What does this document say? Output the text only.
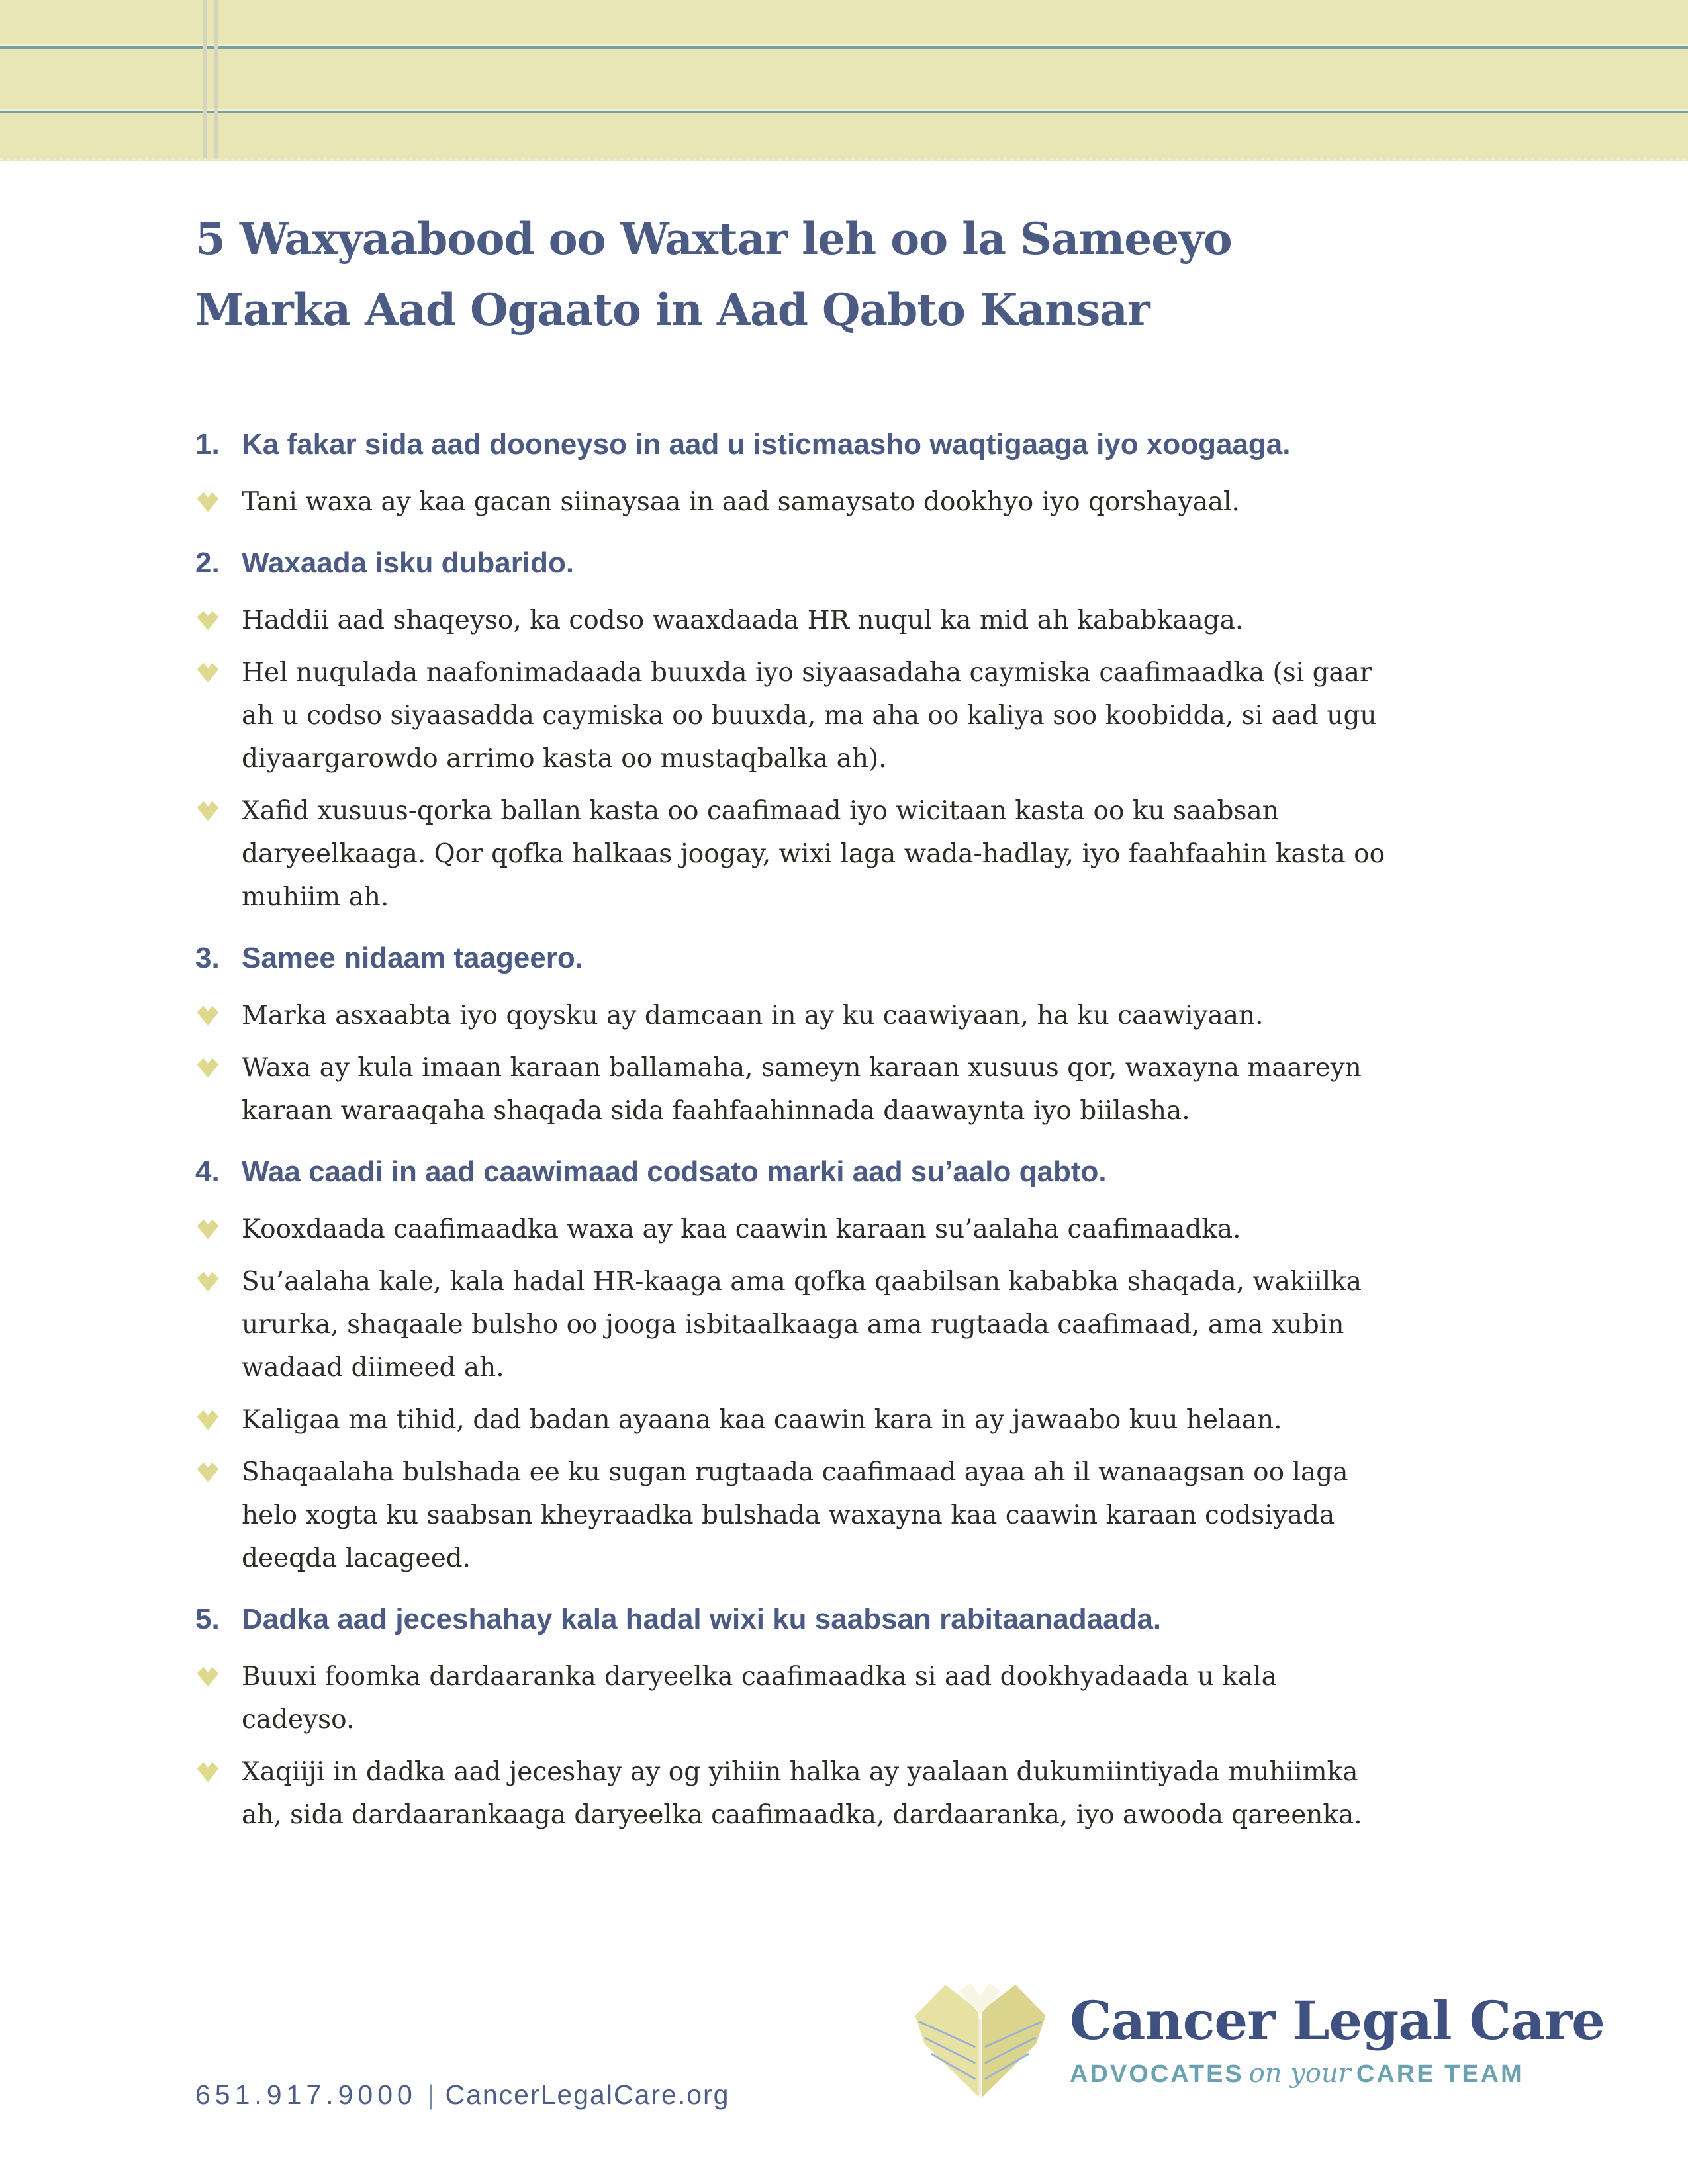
5 Waxyaabood oo Waxtar leh oo la Sameeyo
Marka Aad Ogaato in Aad Qabto Kansar
1. Ka fakar sida aad dooneyso in aad u isticmaasho waqtigaaga iyo xoogaaga.

Tani waxa ay kaa gacan siinaysaa in aad samaysato dookhyo iyo qorshayaal.

2. Waxaada isku dubarido.

Haddii aad shaqeyso, ka codso waaxdaada HR nuqul ka mid ah kababkaaga.

Hel nuqulada naafonimadaada buuxda iyo siyaasadaha caymiska caafimaadka (si gaar ah u codso siyaasadda caymiska oo buuxda, ma aha oo kaliya soo koobidda, si aad ugu diyaargarowdo arrimo kasta oo mustaqbalka ah).

Xafid xusuus-qorka ballan kasta oo caafimaad iyo wicitaan kasta oo ku saabsan daryeelkaaga. Qor qofka halkaas joogay, wixi laga wada-hadlay, iyo faahfaahin kasta oo muhiim ah.

3. Samee nidaam taageero.

Marka asxaabta iyo qoysku ay damcaan in ay ku caawiyaan, ha ku caawiyaan.

Waxa ay kula imaan karaan ballamaha, sameyn karaan xusuus qor, waxayna maareyn karaan waraaqaha shaqada sida faahfaahinnada daawaynta iyo biilasha.

4. Waa caadi in aad caawimaad codsato marki aad su’aalo qabto.

Kooxdaada caafimaadka waxa ay kaa caawin karaan su’aalaha caafimaadka.

Su’aalaha kale, kala hadal HR-kaaga ama qofka qaabilsan kababka shaqada, wakiilka ururka, shaqaale bulsho oo jooga isbitaalkaaga ama rugtaada caafimaad, ama xubin wadaad diimeed ah.

Kaligaa ma tihid, dad badan ayaana kaa caawin kara in ay jawaabo kuu helaan.

Shaqaalaha bulshada ee ku sugan rugtaada caafimaad ayaa ah il wanaagsan oo laga helo xogta ku saabsan kheyraadka bulshada waxayna kaa caawin karaan codsiyada deeqda lacageed.

5. Dadka aad jeceshahay kala hadal wixi ku saabsan rabitaanadaada.

Buuxi foomka dardaaranka daryeelka caafimaadka si aad dookhyadaada u kala cadeyso.

Xaqiiji in dadka aad jeceshay ay og yihiin halka ay yaalaan dukumiintiyada muhiimka ah, sida dardaarankaaga daryeelka caafimaadka, dardaaranka, iyo awooda qareenka.

651.917.9000 | CancerLegalCare.org
Cancer Legal Care
ADVOCATES on your CARE TEAM
